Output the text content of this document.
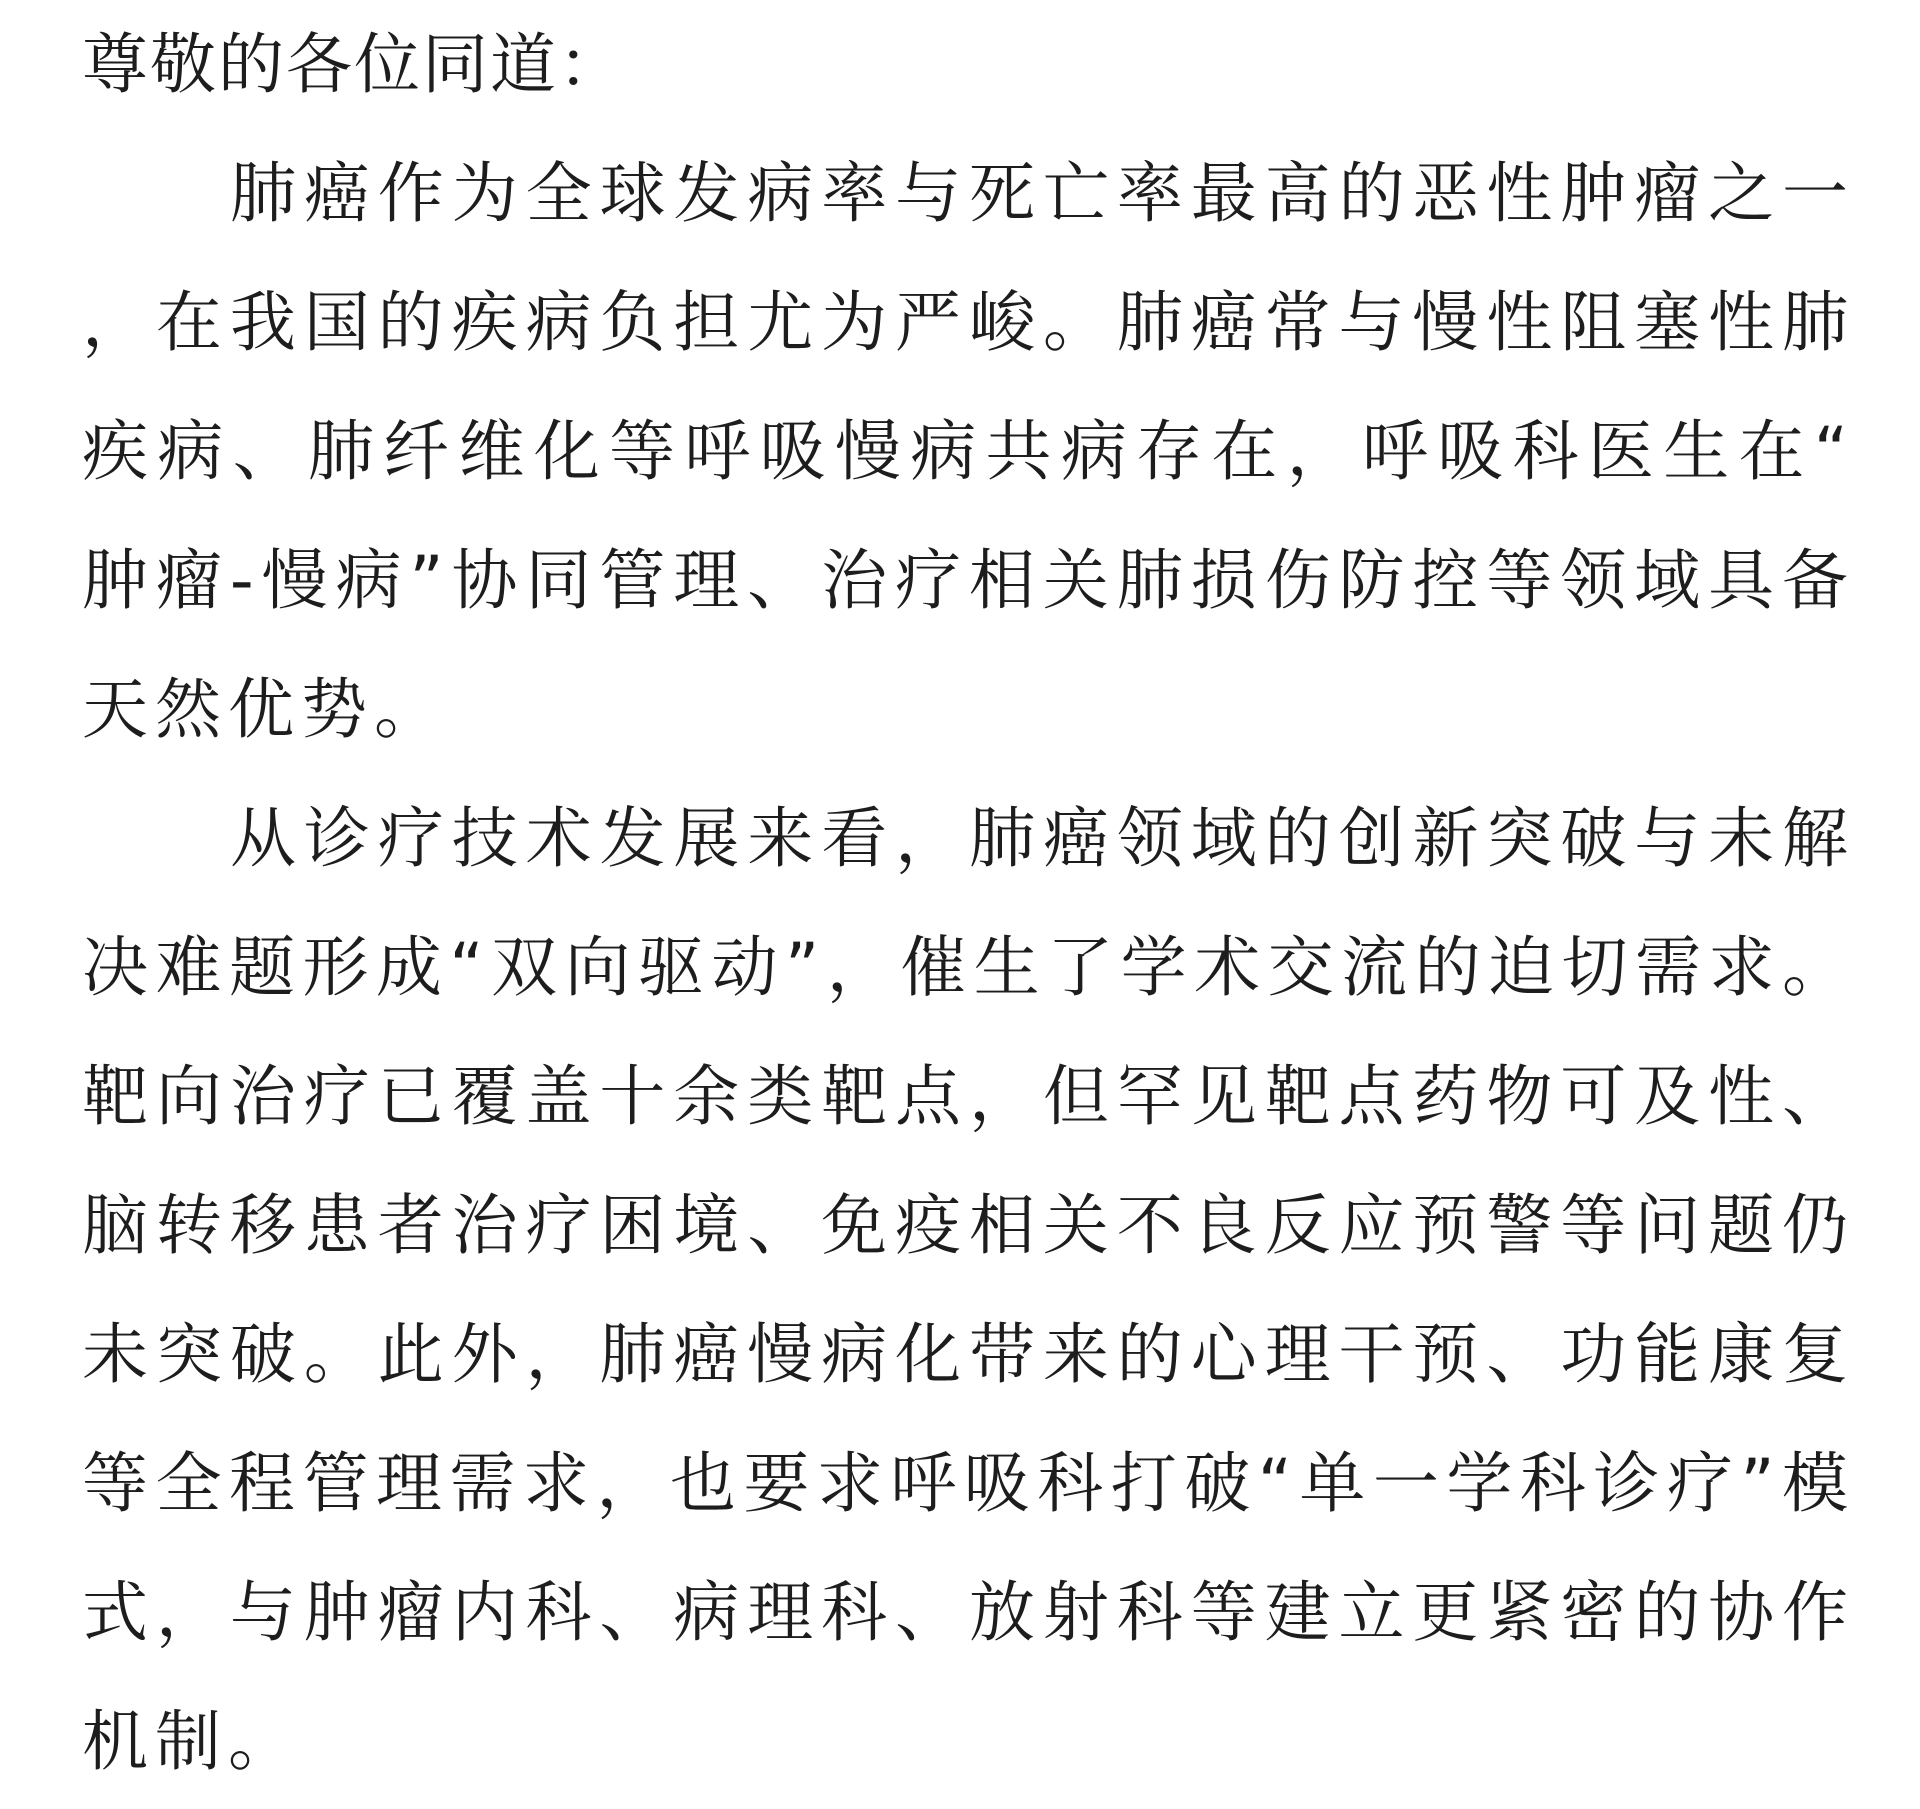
尊敬的各位同道：

肺癌作为全球发病率与死亡率最高的恶性肿瘤之一，在我国的疾病负担尤为严峻。肺癌常与慢性阻塞性肺疾病、肺纤维化等呼吸慢病共病存在，呼吸科医生在“肿瘤-慢病”协同管理、治疗相关肺损伤防控等领域具备天然优势。

从诊疗技术发展来看，肺癌领域的创新突破与未解决难题形成“双向驱动”，催生了学术交流的迫切需求。靶向治疗已覆盖十余类靶点，但罕见靶点药物可及性、脑转移患者治疗困境、免疫相关不良反应预警等问题仍未突破。此外，肺癌慢病化带来的心理干预、功能康复等全程管理需求，也要求呼吸科打破“单一学科诊疗”模式，与肿瘤内科、病理科、放射科等建立更紧密的协作机制。
